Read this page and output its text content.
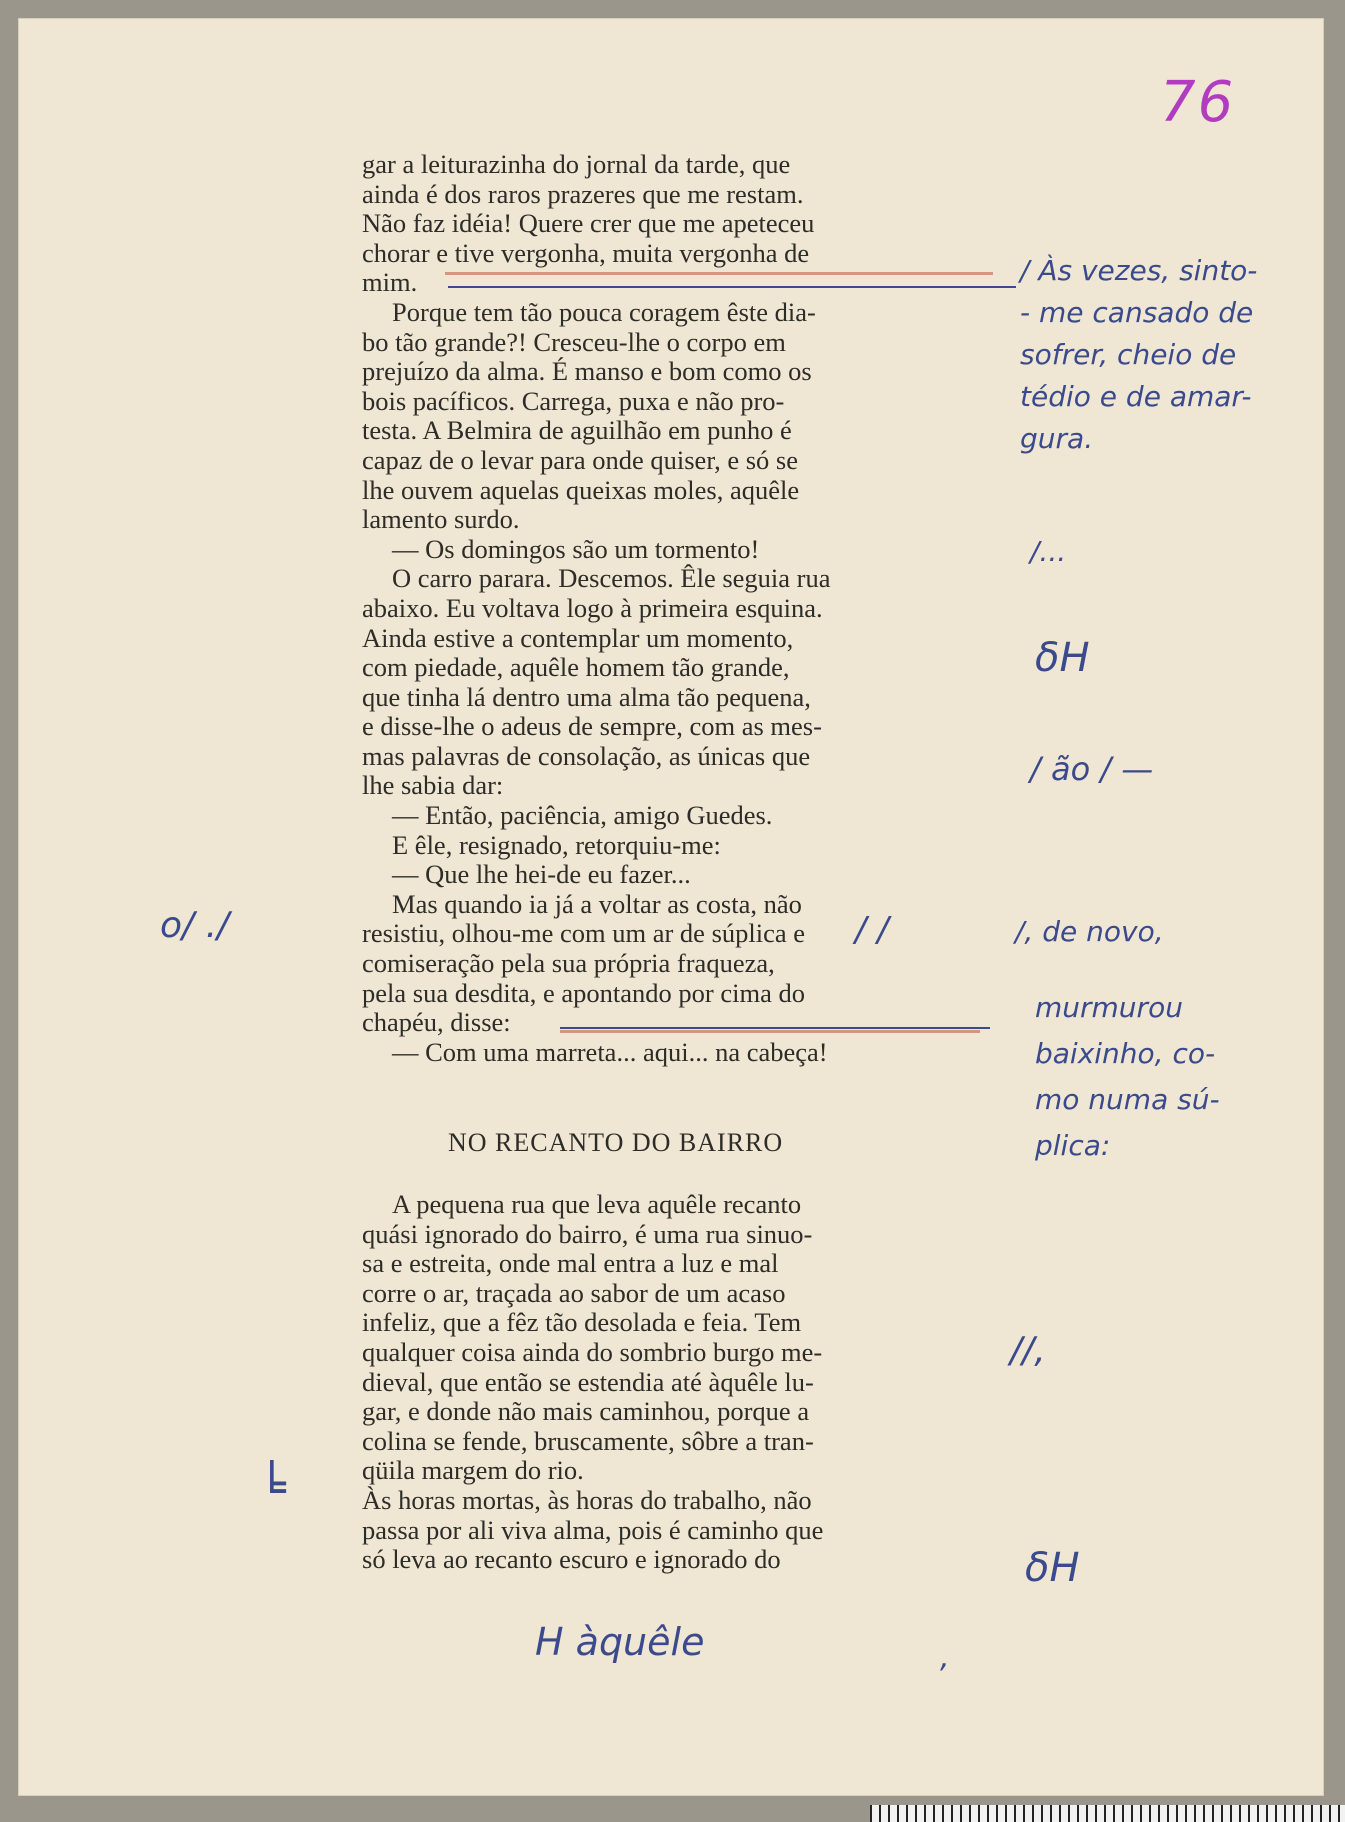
76

gar a leiturazinha do jornal da tarde, que

ainda é dos raros prazeres que me restam.

Não faz idéia! Quere crer que me apeteceu

chorar e tive vergonha, muita vergonha de

mim.

Porque tem tão pouca coragem êste dia-

bo tão grande?! Cresceu-lhe o corpo em

prejuízo da alma. É manso e bom como os

bois pacíficos. Carrega, puxa e não pro-

testa. A Belmira de aguilhão em punho é

capaz de o levar para onde quiser, e só se

lhe ouvem aquelas queixas moles, aquêle

lamento surdo.

— Os domingos são um tormento!

O carro parara. Descemos. Êle seguia rua

abaixo. Eu voltava logo à primeira esquina.

Ainda estive a contemplar um momento,

com piedade, aquêle homem tão grande,

que tinha lá dentro uma alma tão pequena,

e disse-lhe o adeus de sempre, com as mes-

mas palavras de consolação, as únicas que

lhe sabia dar:

— Então, paciência, amigo Guedes.

E êle, resignado, retorquiu-me:

— Que lhe hei-de eu fazer...

Mas quando ia já a voltar as costa, não

resistiu, olhou-me com um ar de súplica e

comiseração pela sua própria fraqueza,

pela sua desdita, e apontando por cima do

chapéu, disse:

— Com uma marreta... aqui... na cabeça!

NO RECANTO DO BAIRRO

A pequena rua que leva aquêle recanto

quási ignorado do bairro, é uma rua sinuo-

sa e estreita, onde mal entra a luz e mal

corre o ar, traçada ao sabor de um acaso

infeliz, que a fêz tão desolada e feia. Tem

qualquer coisa ainda do sombrio burgo me-

dieval, que então se estendia até àquêle lu-

gar, e donde não mais caminhou, porque a

colina se fende, bruscamente, sôbre a tran-

qüila margem do rio.

Às horas mortas, às horas do trabalho, não

passa por ali viva alma, pois é caminho que

só leva ao recanto escuro e ignorado do

/ Às vezes, sinto-
- me cansado de
sofrer, cheio de
tédio e de amar-
gura.
/...
δH
/ ão / —
/, de novo,
murmurou
baixinho, co-
mo numa sú-
plica:
//,
δH
H àquêle
o/ ./
╘
/ /
,
